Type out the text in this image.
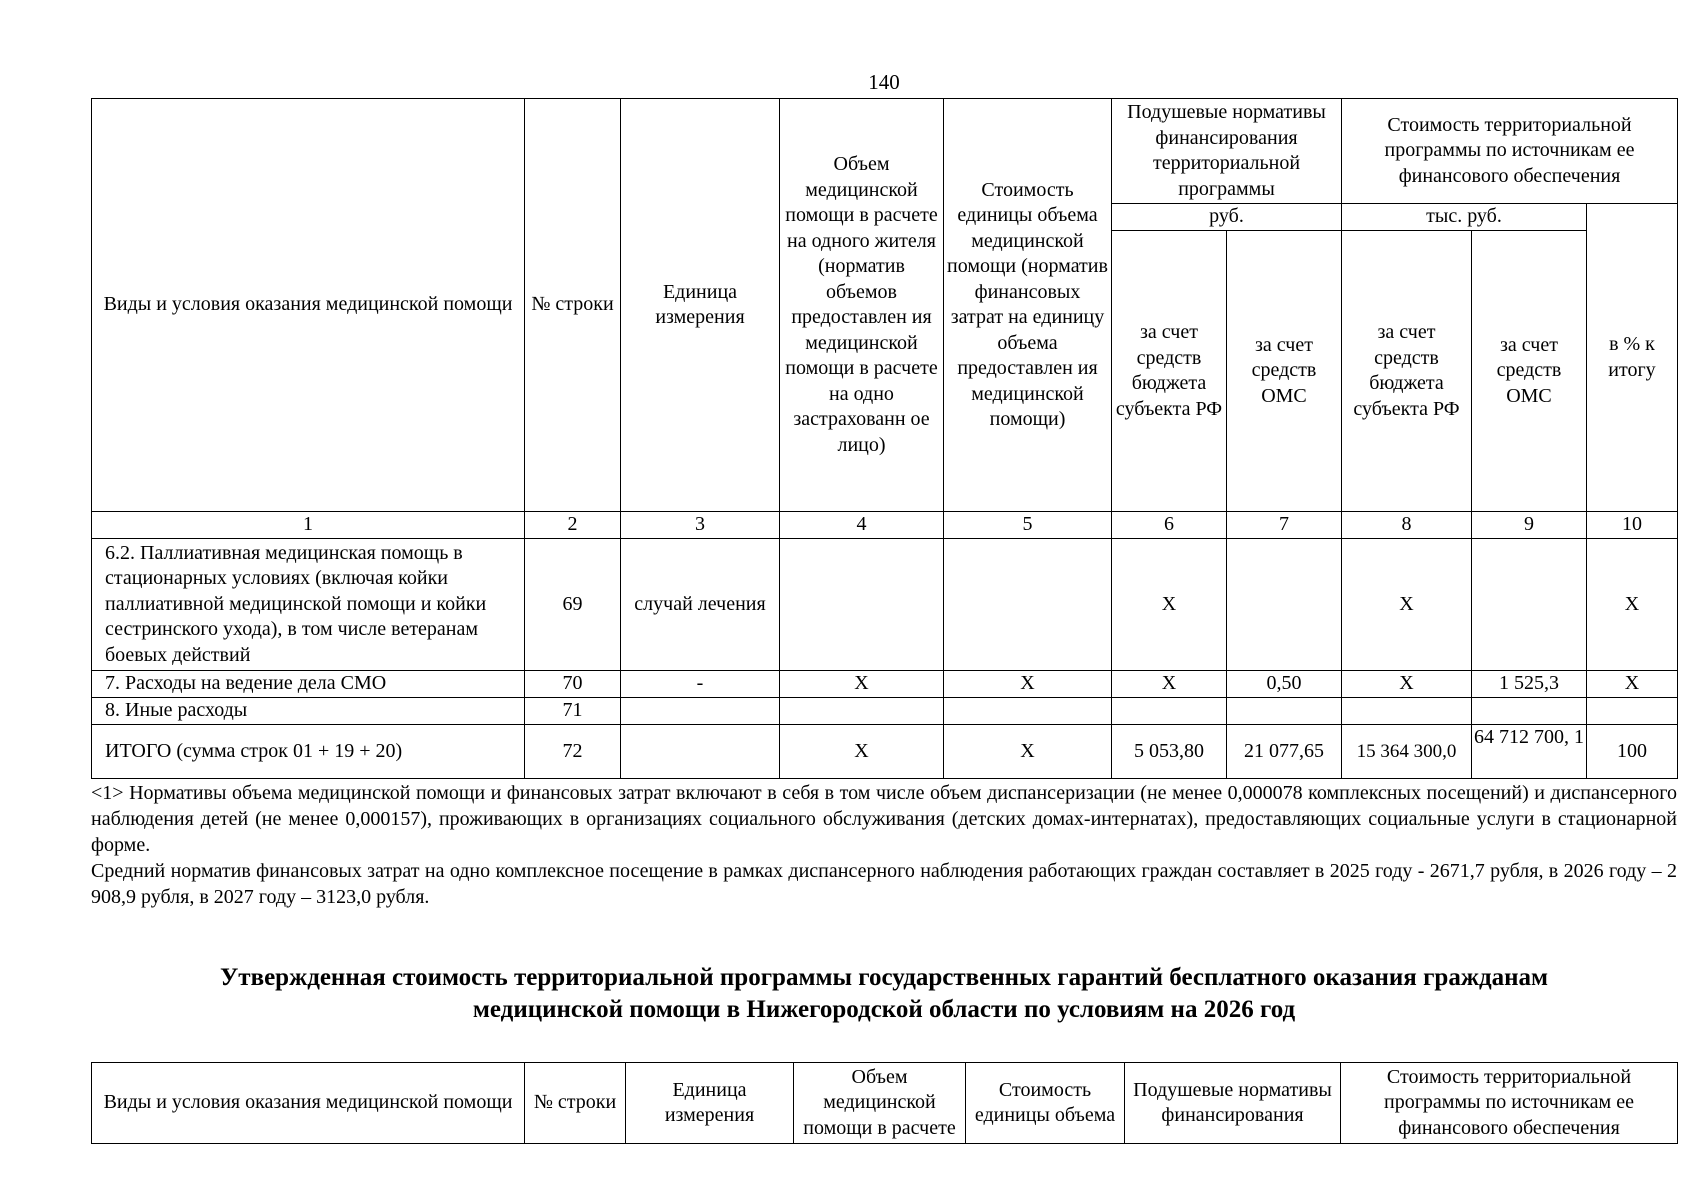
140
Виды и условия оказания медицинской помощи	№ строки	Единица измерения	Объем медицинской помощи в расчете на одного жителя (норматив объемов предоставлен ия медицинской помощи в расчете на одно застрахованн ое лицо)	Стоимость единицы объема медицинской помощи (норматив финансовых затрат на единицу объема предоставлен ия медицинской помощи)	Подушевые нормативы финансирования территориальной программы		Стоимость территориальной программы по источникам ее финансового обеспечения		
					руб.		тыс. руб.		в % к итогу
					за счет средств бюджета субъекта РФ	за счет средств ОМС	за счет средств бюджета субъекта РФ	за счет средств ОМС	
1	2	3	4	5	6	7	8	9	10
6.2. Паллиативная медицинская помощь в стационарных условиях (включая койки паллиативной медицинской помощи и койки сестринского ухода), в том числе ветеранам боевых действий	69	случай лечения			X		X		X
7. Расходы на ведение дела СМО	70	-	X	X	X	0,50	X	1 525,3	X
8. Иные расходы	71								
ИТОГО (сумма строк 01 + 19 + 20)	72		X	X	5 053,80	21 077,65	15 364 300,0	64 712 700, 1	100
<1> Нормативы объема медицинской помощи и финансовых затрат включают в себя в том числе объем диспансеризации (не менее 0,000078 комплексных посещений) и диспансерного наблюдения детей (не менее 0,000157), проживающих в организациях социального обслуживания (детских домах-интернатах), предоставляющих социальные услуги в стационарной форме.
Средний норматив финансовых затрат на одно комплексное посещение в рамках диспансерного наблюдения работающих граждан составляет в 2025 году - 2671,7 рубля, в 2026 году – 2 908,9 рубля, в 2027 году – 3123,0 рубля.
Утвержденная стоимость территориальной программы государственных гарантий бесплатного оказания гражданам
медицинской помощи в Нижегородской области по условиям на 2026 год
Виды и условия оказания медицинской помощи	№ строки	Единица измерения	Объем медицинской помощи в расчете	Стоимость единицы объема	Подушевые нормативы финансирования	Стоимость территориальной программы по источникам ее финансового обеспечения
